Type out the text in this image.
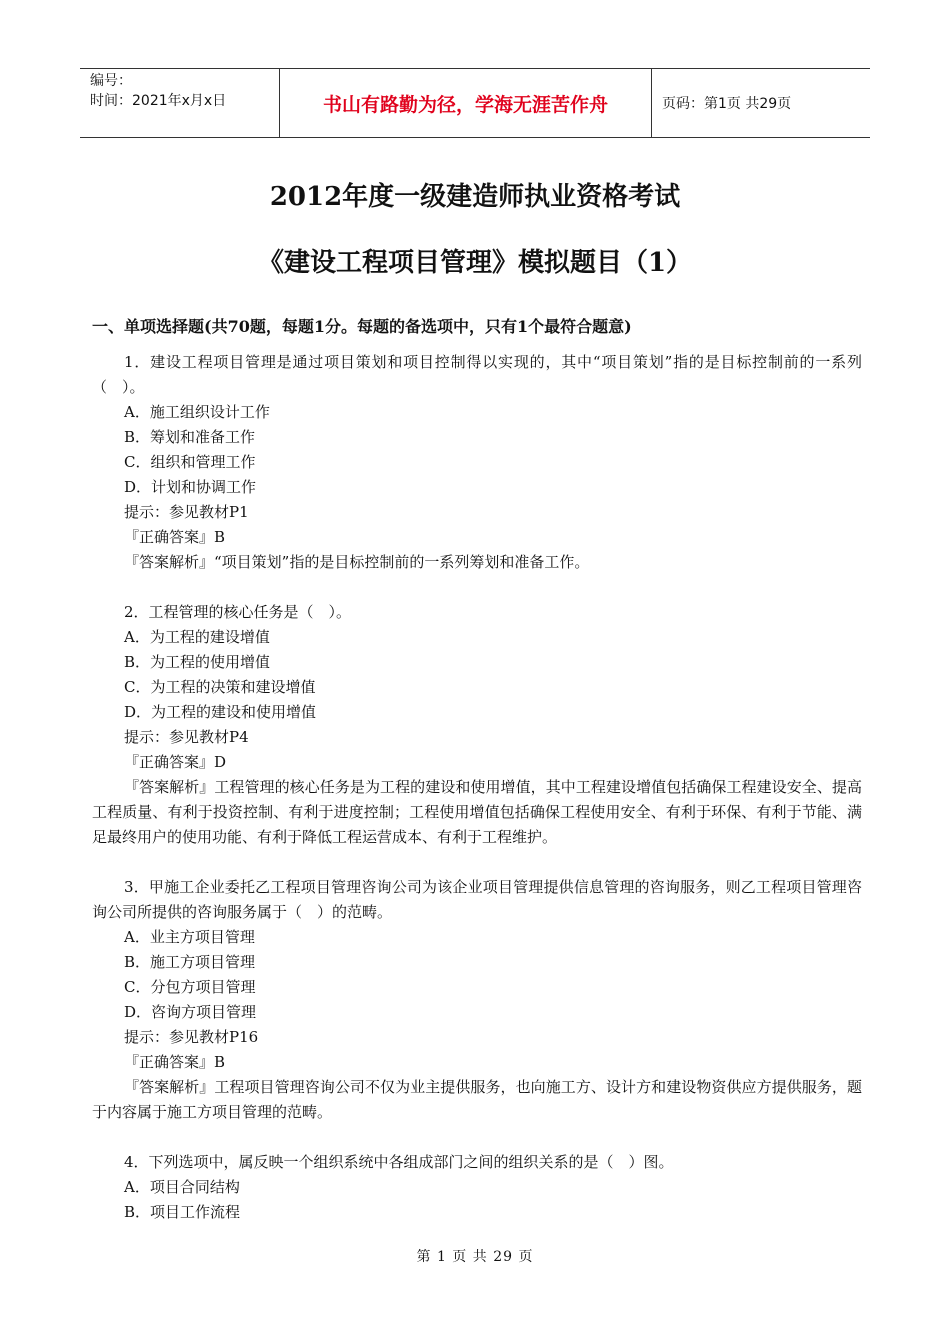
编号：
时间：2021年x月x日	书山有路勤为径，学海无涯苦作舟	页码：第1页 共29页
2012年度一级建造师执业资格考试
《建设工程项目管理》模拟题目（1）
一、单项选择题(共70题，每题1分。每题的备选项中，只有1个最符合题意)

1．建设工程项目管理是通过项目策划和项目控制得以实现的，其中“项目策划”指的是目标控制前的一系列（　）。

A．施工组织设计工作

B．筹划和准备工作

C．组织和管理工作

D．计划和协调工作

提示：参见教材P1

『正确答案』B

『答案解析』“项目策划”指的是目标控制前的一系列筹划和准备工作。

2．工程管理的核心任务是（　）。

A．为工程的建设增值

B．为工程的使用增值

C．为工程的决策和建设增值

D．为工程的建设和使用增值

提示：参见教材P4

『正确答案』D

『答案解析』工程管理的核心任务是为工程的建设和使用增值，其中工程建设增值包括确保工程建设安全、提高工程质量、有利于投资控制、有利于进度控制；工程使用增值包括确保工程使用安全、有利于环保、有利于节能、满足最终用户的使用功能、有利于降低工程运营成本、有利于工程维护。

3．甲施工企业委托乙工程项目管理咨询公司为该企业项目管理提供信息管理的咨询服务，则乙工程项目管理咨询公司所提供的咨询服务属于（　）的范畴。

A．业主方项目管理

B．施工方项目管理

C．分包方项目管理

D．咨询方项目管理

提示：参见教材P16

『正确答案』B

『答案解析』工程项目管理咨询公司不仅为业主提供服务，也向施工方、设计方和建设物资供应方提供服务，题于内容属于施工方项目管理的范畴。

4．下列选项中，属反映一个组织系统中各组成部门之间的组织关系的是（　）图。

A．项目合同结构

B．项目工作流程

第 1 页 共 29 页
